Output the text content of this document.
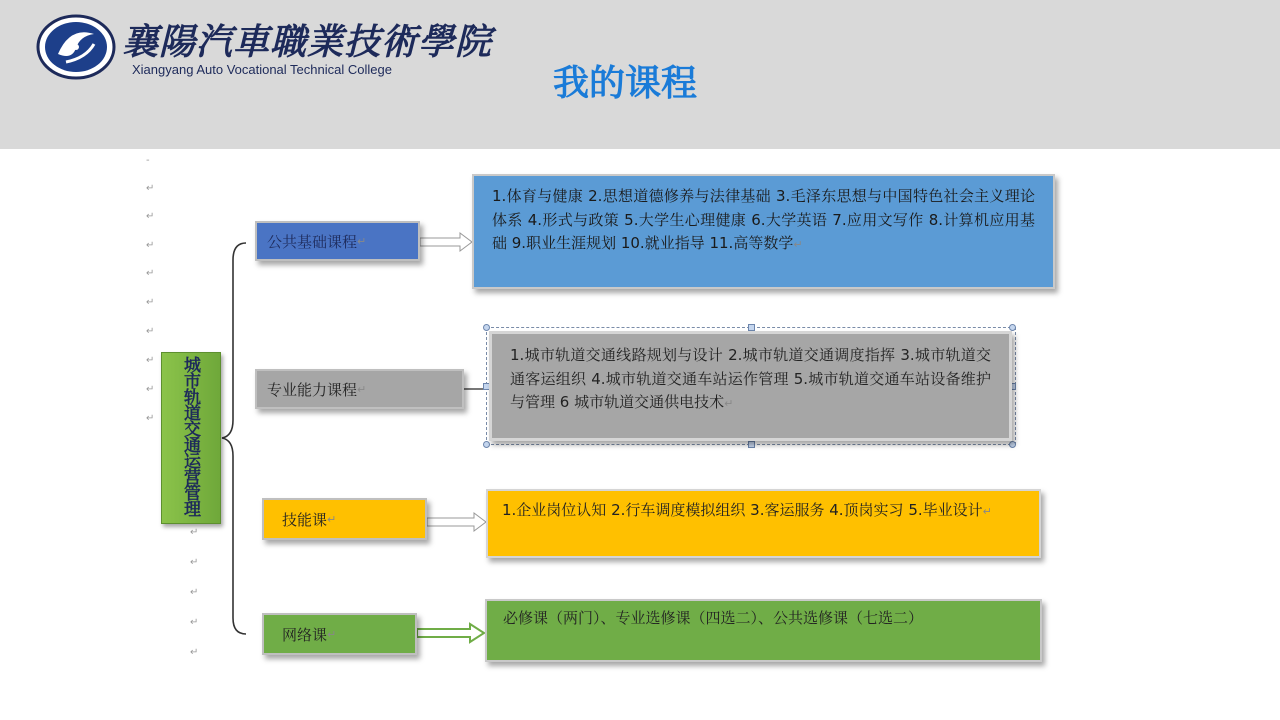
襄陽汽車職業技術學院
Xiangyang Auto Vocational Technical College	我的课程
-
↵
↵
↵
↵
↵
↵
↵
↵
↵
↵
↵
↵
↵
↵
城市轨道交通运营管理
公共基础课程 ↵
专业能力课程 ↵
技能课 ↵
网络课 ↵
1.体育与健康 2.思想道德修养与法律基础 3.毛泽东思想与中国特色社会主义理论体系 4.形式与政策 5.大学生心理健康 6.大学英语 7.应用文写作 8.计算机应用基础 9.职业生涯规划 10.就业指导 11.高等数学↵
1.城市轨道交通线路规划与设计 2.城市轨道交通调度指挥 3.城市轨道交通客运组织 4.城市轨道交通车站运作管理 5.城市轨道交通车站设备维护与管理 6 城市轨道交通供电技术↵
1.企业岗位认知 2.行车调度模拟组织 3.客运服务 4.顶岗实习 5.毕业设计↵
必修课（两门）、专业选修课（四选二）、公共选修课（七选二）
